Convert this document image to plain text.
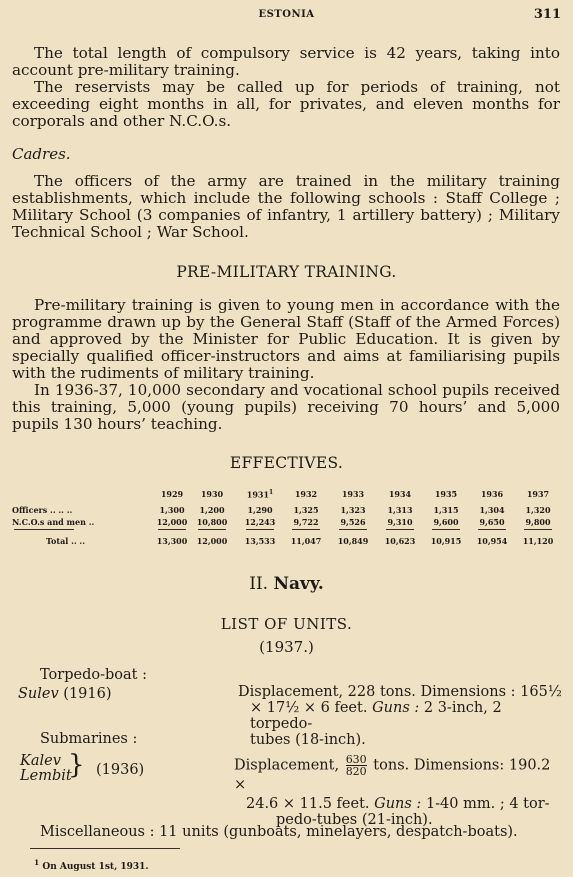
ESTONIA	311

The total length of compulsory service is 42 years, taking into account pre-military training.

The reservists may be called up for periods of training, not exceeding eight months in all, for privates, and eleven months for corporals and other N.C.O.s.

Cadres.

The officers of the army are trained in the military training establishments, which include the following schools : Staff College ; Military School (3 companies of infantry, 1 artillery battery) ; Military Technical School ; War School.

PRE-MILITARY TRAINING.

Pre-military training is given to young men in accordance with the programme drawn up by the General Staff (Staff of the Armed Forces) and approved by the Minister for Public Education. It is given by specially qualified officer-instructors and aims at familiarising pupils with the rudiments of military training.

In 1936-37, 10,000 secondary and vocational school pupils received this training, 5,000 (young pupils) receiving 70 hours’ and 5,000 pupils 130 hours’ teaching.

EFFECTIVES.
1929	1930	1931$^1$	1932	1933	1934	1935	1936	1937
Officers .. .. ..	1,300	1,200	1,290	1,325	1,323	1,313	1,315	1,304	1,320
N.C.O.s and men ..	12,000	10,800	12,243	9,722	9,526	9,310	9,600	9,650	9,800
Total .. ..	13,300	12,000	13,533	11,047	10,849	10,623	10,915	10,954	11,120
II. Navy.
LIST OF UNITS.
(1937.)
Torpedo-boat :
Sulev (1916)	Displacement, 228 tons. Dimensions : 165½
× 17½ × 6 feet. Guns : 2 3-inch, 2 torpedo-
tubes (18-inch).
Submarines :
Kalev
Lembit
} (1936)	Displacement, $\frac{630}{820}$ tons. Dimensions: 190.2 ×
24.6 × 11.5 feet. Guns : 1-40 mm. ; 4 tor-
pedo-tubes (21-inch).
Miscellaneous : 11 units (gunboats, minelayers, despatch-boats).
$^1$ On August 1st, 1931.
